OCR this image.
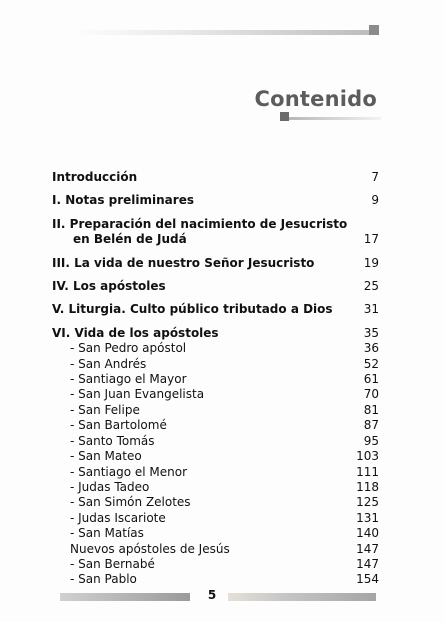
Contenido
Introducción	7
I. Notas preliminares	9
II. Preparación del nacimiento de Jesucristo
en Belén de Judá	17
III. La vida de nuestro Señor Jesucristo	19
IV. Los apóstoles	25
V. Liturgia. Culto público tributado a Dios	31
VI. Vida de los apóstoles	35
- San Pedro apóstol	36
- San Andrés	52
- Santiago el Mayor	61
- San Juan Evangelista	70
- San Felipe	81
- San Bartolomé	87
- Santo Tomás	95
- San Mateo	103
- Santiago el Menor	111
- Judas Tadeo	118
- San Simón Zelotes	125
- Judas Iscariote	131
- San Matías	140
Nuevos apóstoles de Jesús	147
- San Bernabé	147
- San Pablo	154
5
